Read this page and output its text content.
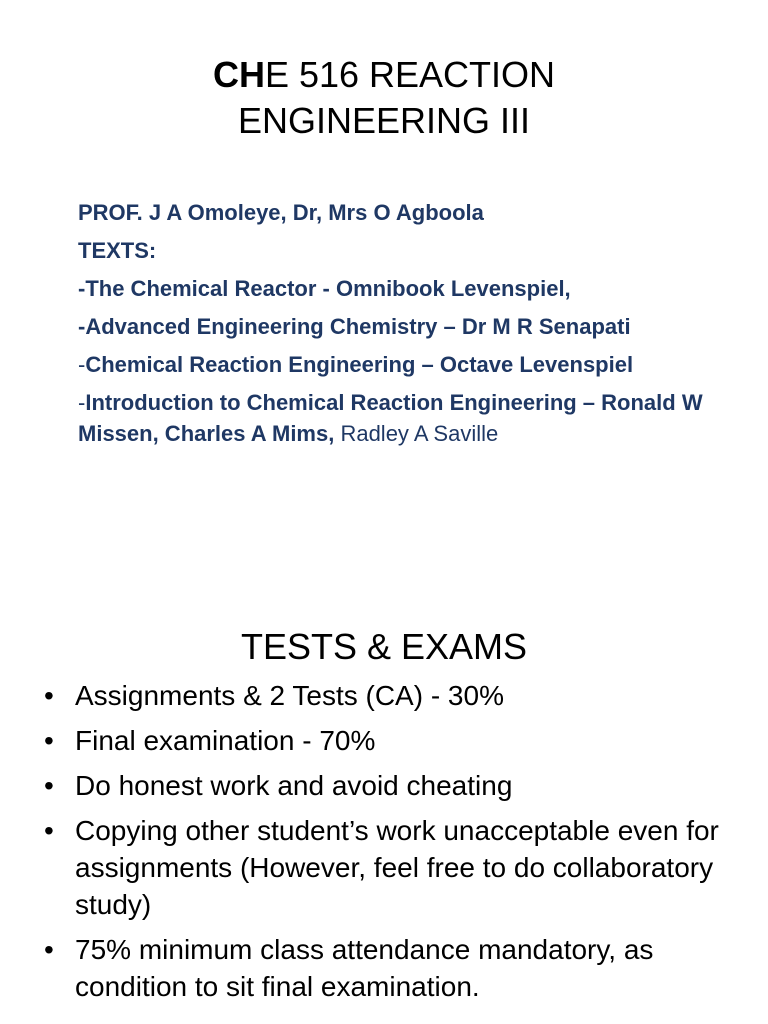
CHE 516 REACTION
ENGINEERING III
PROF. J A Omoleye, Dr, Mrs O Agboola
TEXTS:
-The Chemical Reactor - Omnibook Levenspiel,
-Advanced Engineering Chemistry – Dr M R Senapati
-Chemical Reaction Engineering – Octave Levenspiel
-Introduction to Chemical Reaction Engineering – Ronald W Missen, Charles A Mims, Radley A Saville
TESTS & EXAMS
• Assignments & 2 Tests (CA) - 30%
• Final examination - 70%
• Do honest work and avoid cheating
• Copying other student’s work unacceptable even for assignments (However, feel free to do collaboratory study)
• 75% minimum class attendance mandatory, as condition to sit final examination.
